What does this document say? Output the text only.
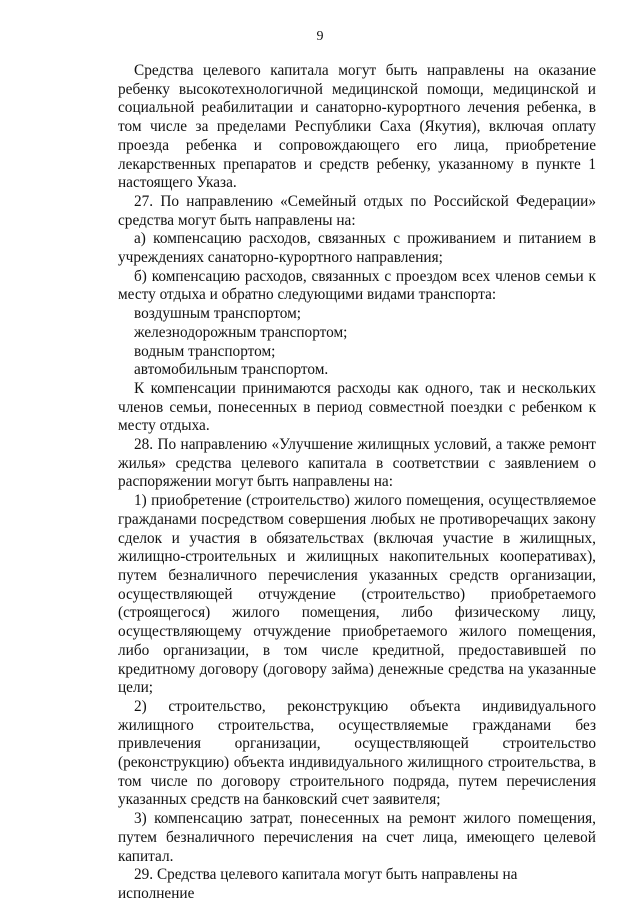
9

Средства целевого капитала могут быть направлены на оказание ребенку высокотехнологичной медицинской помощи, медицинской и социальной реабилитации и санаторно-курортного лечения ребенка, в том числе за пределами Республики Саха (Якутия), включая оплату проезда ребенка и сопровождающего его лица, приобретение лекарственных препаратов и средств ребенку, указанному в пункте 1 настоящего Указа.

27. По направлению «Семейный отдых по Российской Федерации» средства могут быть направлены на:

а) компенсацию расходов, связанных с проживанием и питанием в учреждениях санаторно-курортного направления;

б) компенсацию расходов, связанных с проездом всех членов семьи к месту отдыха и обратно следующими видами транспорта:

воздушным транспортом;

железнодорожным транспортом;

водным транспортом;

автомобильным транспортом.

К компенсации принимаются расходы как одного, так и нескольких членов семьи, понесенных в период совместной поездки с ребенком к месту отдыха.

28. По направлению «Улучшение жилищных условий, а также ремонт жилья» средства целевого капитала в соответствии с заявлением о распоряжении могут быть направлены на:

1) приобретение (строительство) жилого помещения, осуществляемое гражданами посредством совершения любых не противоречащих закону сделок и участия в обязательствах (включая участие в жилищных, жилищно-строительных и жилищных накопительных кооперативах), путем безналичного перечисления указанных средств организации, осуществляющей отчуждение (строительство) приобретаемого (строящегося) жилого помещения, либо физическому лицу, осуществляющему отчуждение приобретаемого жилого помещения, либо организации, в том числе кредитной, предоставившей по кредитному договору (договору займа) денежные средства на указанные цели;

2) строительство, реконструкцию объекта индивидуального жилищного строительства, осуществляемые гражданами без привлечения организации, осуществляющей строительство (реконструкцию) объекта индивидуального жилищного строительства, в том числе по договору строительного подряда, путем перечисления указанных средств на банковский счет заявителя;

3) компенсацию затрат, понесенных на ремонт жилого помещения, путем безналичного перечисления на счет лица, имеющего целевой капитал.

29. Средства целевого капитала могут быть направлены на исполнение
